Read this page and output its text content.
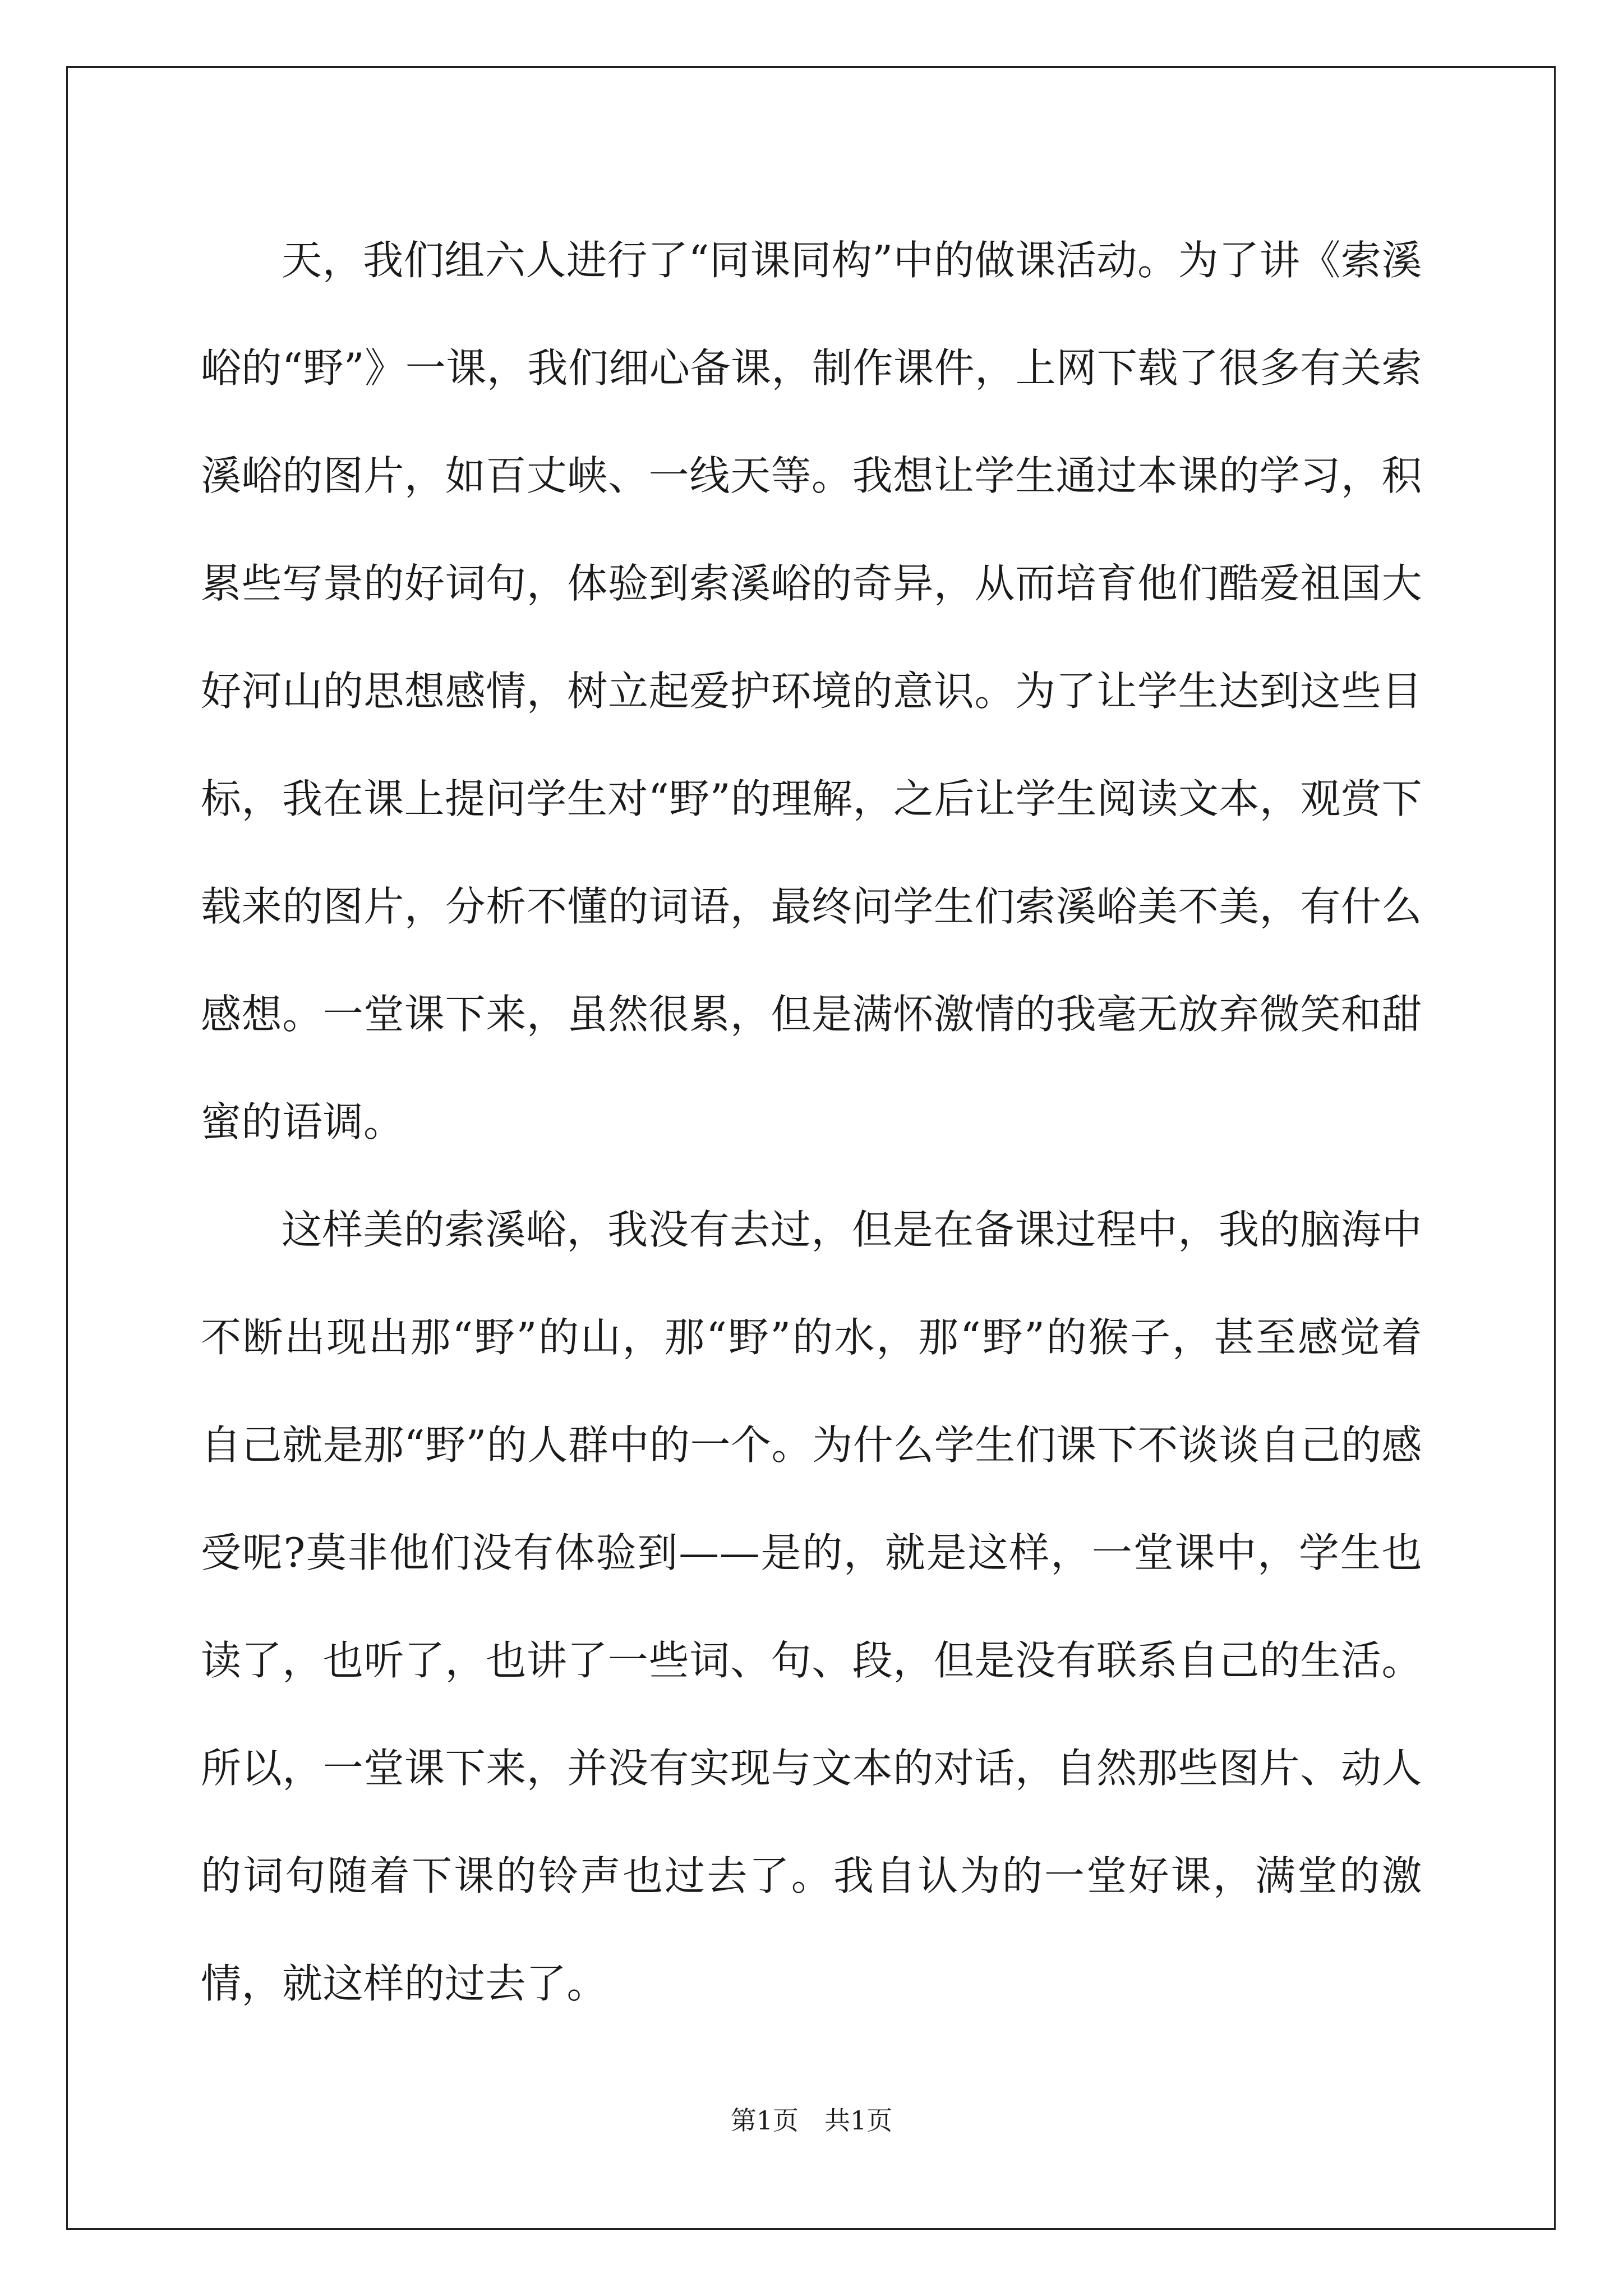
天，我们组六人进行了“同课同构”中的做课活动。为了讲《索溪峪的“野”》一课，我们细心备课，制作课件，上网下载了很多有关索溪峪的图片，如百丈峡、一线天等。我想让学生通过本课的学习，积累些写景的好词句，体验到索溪峪的奇异，从而培育他们酷爱祖国大好河山的思想感情，树立起爱护环境的意识。为了让学生达到这些目标，我在课上提问学生对“野”的理解，之后让学生阅读文本，观赏下载来的图片，分析不懂的词语，最终问学生们索溪峪美不美，有什么感想。一堂课下来，虽然很累，但是满怀激情的我毫无放弃微笑和甜蜜的语调。

这样美的索溪峪，我没有去过，但是在备课过程中，我的脑海中不断出现出那“野”的山，那“野”的水，那“野”的猴子，甚至感觉着自己就是那“野”的人群中的一个。为什么学生们课下不谈谈自己的感受呢?莫非他们没有体验到——是的，就是这样，一堂课中，学生也读了，也听了，也讲了一些词、句、段，但是没有联系自己的生活。所以，一堂课下来，并没有实现与文本的对话，自然那些图片、动人的词句随着下课的铃声也过去了。我自认为的一堂好课，满堂的激情，就这样的过去了。

第1页　共1页
